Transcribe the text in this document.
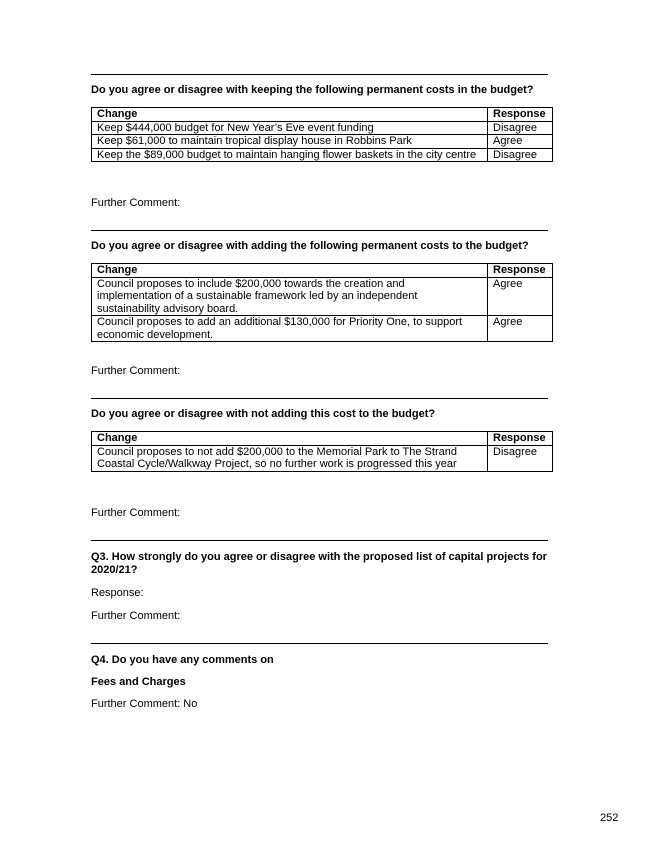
Do you agree or disagree with keeping the following permanent costs in the budget?
Change	Response
Keep $444,000 budget for New Year’s Eve event funding	Disagree
Keep $61,000 to maintain tropical display house in Robbins Park	Agree
Keep the $89,000 budget to maintain hanging flower baskets in the city centre	Disagree
Further Comment:
Do you agree or disagree with adding the following permanent costs to the budget?
Change	Response
Council proposes to include $200,000 towards the creation and implementation of a sustainable framework led by an independent sustainability advisory board.	Agree
Council proposes to add an additional $130,000 for Priority One, to support economic development.	Agree
Further Comment:
Do you agree or disagree with not adding this cost to the budget?
Change	Response
Council proposes to not add $200,000 to the Memorial Park to The Strand Coastal Cycle/Walkway Project, so no further work is progressed this year	Disagree
Further Comment:
Q3. How strongly do you agree or disagree with the proposed list of capital projects for 2020/21?
Response:
Further Comment:
Q4. Do you have any comments on
Fees and Charges
Further Comment: No
252
